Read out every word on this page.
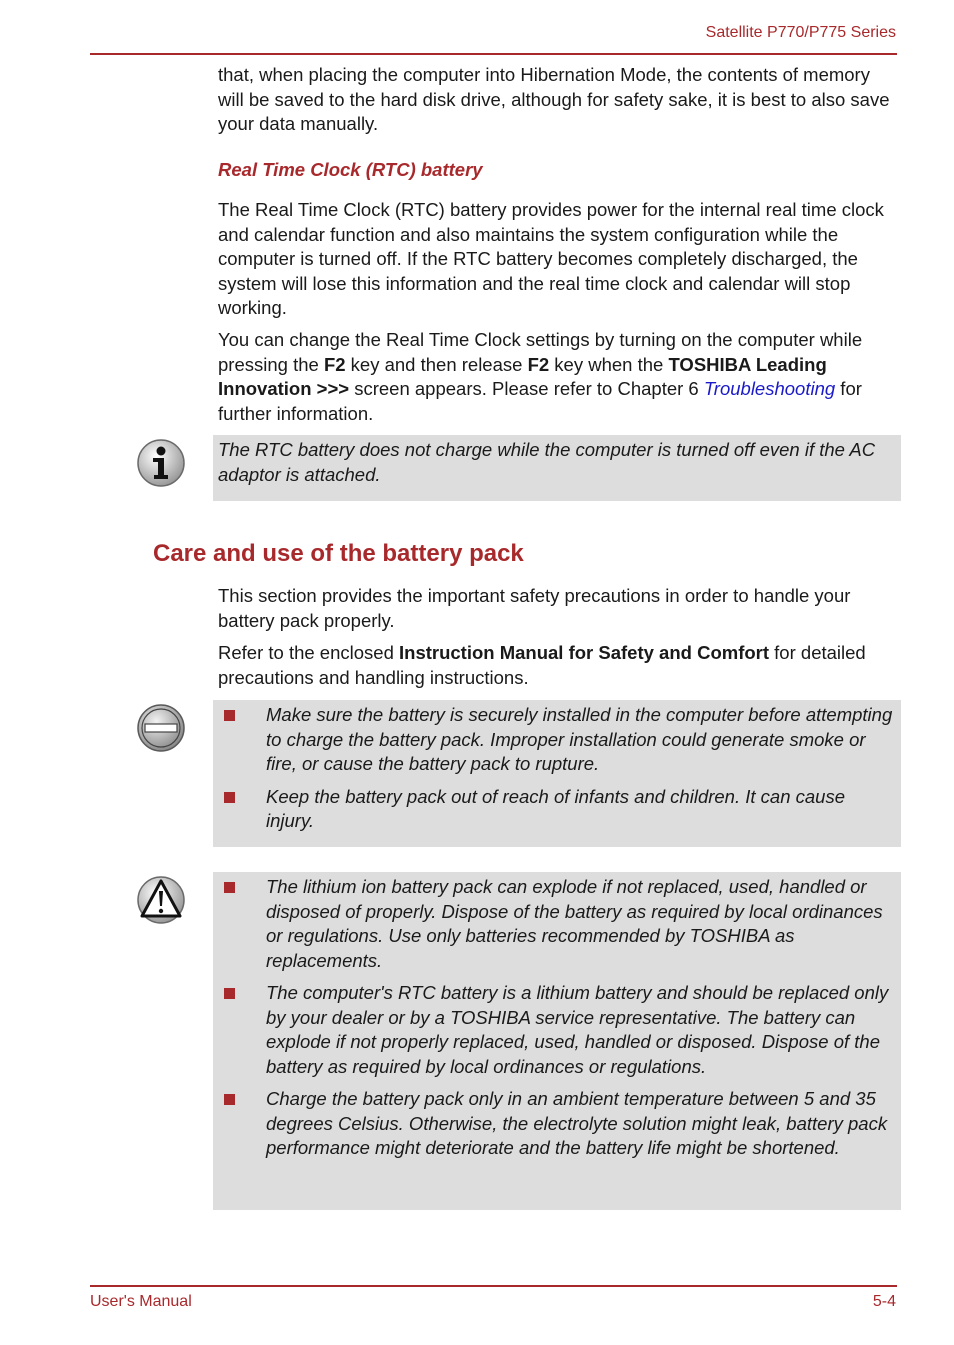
Satellite P770/P775 Series

that, when placing the computer into Hibernation Mode, the contents of memory will be saved to the hard disk drive, although for safety sake, it is best to also save your data manually.

Real Time Clock (RTC) battery

The Real Time Clock (RTC) battery provides power for the internal real time clock and calendar function and also maintains the system configuration while the computer is turned off. If the RTC battery becomes completely discharged, the system will lose this information and the real time clock and calendar will stop working.

You can change the Real Time Clock settings by turning on the computer while pressing the F2 key and then release F2 key when the TOSHIBA Leading Innovation >>> screen appears. Please refer to Chapter 6 Troubleshooting for further information.

The RTC battery does not charge while the computer is turned off even if the AC adaptor is attached.

Care and use of the battery pack

This section provides the important safety precautions in order to handle your battery pack properly.

Refer to the enclosed Instruction Manual for Safety and Comfort for detailed precautions and handling instructions.

Make sure the battery is securely installed in the computer before attempting to charge the battery pack. Improper installation could generate smoke or fire, or cause the battery pack to rupture.
Keep the battery pack out of reach of infants and children. It can cause injury.
The lithium ion battery pack can explode if not replaced, used, handled or disposed of properly. Dispose of the battery as required by local ordinances or regulations. Use only batteries recommended by TOSHIBA as replacements.
The computer's RTC battery is a lithium battery and should be replaced only by your dealer or by a TOSHIBA service representative. The battery can explode if not properly replaced, used, handled or disposed. Dispose of the battery as required by local ordinances or regulations.
Charge the battery pack only in an ambient temperature between 5 and 35 degrees Celsius. Otherwise, the electrolyte solution might leak, battery pack performance might deteriorate and the battery life might be shortened.
User's Manual	5-4
